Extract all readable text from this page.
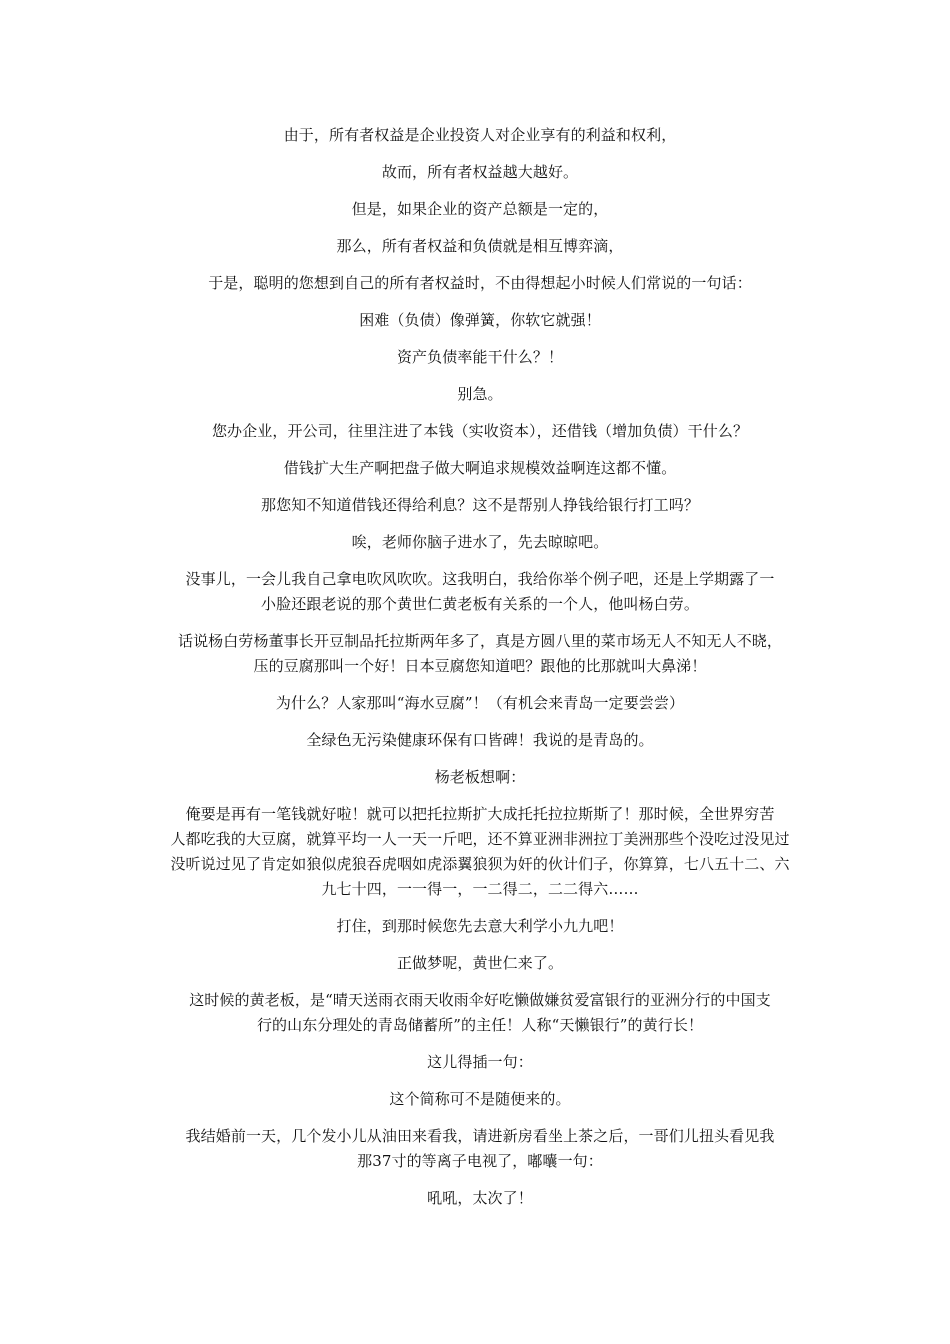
由于，所有者权益是企业投资人对企业享有的利益和权利，

故而，所有者权益越大越好。

但是，如果企业的资产总额是一定的，

那么，所有者权益和负债就是相互博弈滴，

于是，聪明的您想到自己的所有者权益时，不由得想起小时候人们常说的一句话：

困难（负债）像弹簧，你软它就强！

资产负债率能干什么？！

别急。

您办企业，开公司，往里注进了本钱（实收资本），还借钱（增加负债）干什么？

借钱扩大生产啊把盘子做大啊追求规模效益啊连这都不懂。

那您知不知道借钱还得给利息？这不是帮别人挣钱给银行打工吗？

唉，老师你脑子进水了，先去晾晾吧。

没事儿，一会儿我自己拿电吹风吹吹。这我明白，我给你举个例子吧，还是上学期露了一
小脸还跟老说的那个黄世仁黄老板有关系的一个人，他叫杨白劳。

话说杨白劳杨董事长开豆制品托拉斯两年多了，真是方圆八里的菜市场无人不知无人不晓，
压的豆腐那叫一个好！日本豆腐您知道吧？跟他的比那就叫大鼻涕！

为什么？人家那叫“海水豆腐”！（有机会来青岛一定要尝尝）

全绿色无污染健康环保有口皆碑！我说的是青岛的。

杨老板想啊：

俺要是再有一笔钱就好啦！就可以把托拉斯扩大成托托拉拉斯斯了！那时候，全世界穷苦
人都吃我的大豆腐，就算平均一人一天一斤吧，还不算亚洲非洲拉丁美洲那些个没吃过没见过
没听说过见了肯定如狼似虎狼吞虎咽如虎添翼狼狈为奸的伙计们子，你算算，七八五十二、六
九七十四，一一得一，一二得二，二二得六……

打住，到那时候您先去意大利学小九九吧！

正做梦呢，黄世仁来了。

这时候的黄老板，是“晴天送雨衣雨天收雨伞好吃懒做嫌贫爱富银行的亚洲分行的中国支
行的山东分理处的青岛储蓄所”的主任！人称“天懒银行”的黄行长！

这儿得插一句：

这个简称可不是随便来的。

我结婚前一天，几个发小儿从油田来看我，请进新房看坐上茶之后，一哥们儿扭头看见我
那37寸的等离子电视了，嘟囔一句：

吼吼，太次了！
